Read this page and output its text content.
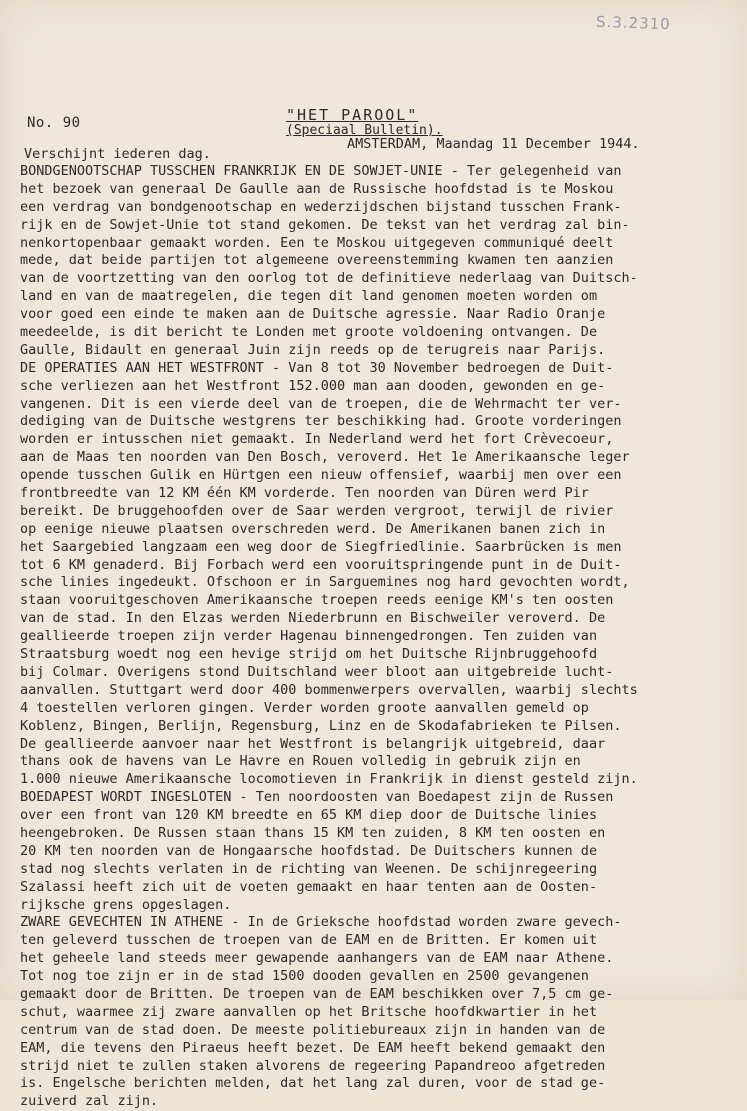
S.3.2310
No. 90	"HET PAROOL"
(Speciaal Bulletin).
Verschijnt iederen dag.
AMSTERDAM, Maandag 11 December 1944.
BONDGENOOTSCHAP TUSSCHEN FRANKRIJK EN DE SOWJET-UNIE - Ter gelegenheid van
het bezoek van generaal De Gaulle aan de Russische hoofdstad is te Moskou
een verdrag van bondgenootschap en wederzijdschen bijstand tusschen Frank-
rijk en de Sowjet-Unie tot stand gekomen. De tekst van het verdrag zal bin-
nenkortopenbaar gemaakt worden. Een te Moskou uitgegeven communiqué deelt
mede, dat beide partijen tot algemeene overeenstemming kwamen ten aanzien
van de voortzetting van den oorlog tot de definitieve nederlaag van Duitsch-
land en van de maatregelen, die tegen dit land genomen moeten worden om
voor goed een einde te maken aan de Duitsche agressie. Naar Radio Oranje
meedeelde, is dit bericht te Londen met groote voldoening ontvangen. De
Gaulle, Bidault en generaal Juin zijn reeds op de terugreis naar Parijs.
DE OPERATIES AAN HET WESTFRONT - Van 8 tot 30 November bedroegen de Duit-
sche verliezen aan het Westfront 152.000 man aan dooden, gewonden en ge-
vangenen. Dit is een vierde deel van de troepen, die de Wehrmacht ter ver-
dediging van de Duitsche westgrens ter beschikking had. Groote vorderingen
worden er intusschen niet gemaakt. In Nederland werd het fort Crèvecoeur,
aan de Maas ten noorden van Den Bosch, veroverd. Het 1e Amerikaansche leger
opende tusschen Gulik en Hürtgen een nieuw offensief, waarbij men over een
frontbreedte van 12 KM één KM vorderde. Ten noorden van Düren werd Pir
bereikt. De bruggehoofden over de Saar werden vergroot, terwijl de rivier
op eenige nieuwe plaatsen overschreden werd. De Amerikanen banen zich in
het Saargebied langzaam een weg door de Siegfriedlinie. Saarbrücken is men
tot 6 KM genaderd. Bij Forbach werd een vooruitspringende punt in de Duit-
sche linies ingedeukt. Ofschoon er in Sarguemines nog hard gevochten wordt,
staan vooruitgeschoven Amerikaansche troepen reeds eenige KM's ten oosten
van de stad. In den Elzas werden Niederbrunn en Bischweiler veroverd. De
geallieerde troepen zijn verder Hagenau binnengedrongen. Ten zuiden van
Straatsburg woedt nog een hevige strijd om het Duitsche Rijnbruggehoofd
bij Colmar. Overigens stond Duitschland weer bloot aan uitgebreide lucht-
aanvallen. Stuttgart werd door 400 bommenwerpers overvallen, waarbij slechts
4 toestellen verloren gingen. Verder worden groote aanvallen gemeld op
Koblenz, Bingen, Berlijn, Regensburg, Linz en de Skodafabrieken te Pilsen.
De geallieerde aanvoer naar het Westfront is belangrijk uitgebreid, daar
thans ook de havens van Le Havre en Rouen volledig in gebruik zijn en
1.000 nieuwe Amerikaansche locomotieven in Frankrijk in dienst gesteld zijn.
BOEDAPEST WORDT INGESLOTEN - Ten noordoosten van Boedapest zijn de Russen
over een front van 120 KM breedte en 65 KM diep door de Duitsche linies
heengebroken. De Russen staan thans 15 KM ten zuiden, 8 KM ten oosten en
20 KM ten noorden van de Hongaarsche hoofdstad. De Duitschers kunnen de
stad nog slechts verlaten in de richting van Weenen. De schijnregeering
Szalassi heeft zich uit de voeten gemaakt en haar tenten aan de Oosten-
rijksche grens opgeslagen.
ZWARE GEVECHTEN IN ATHENE - In de Grieksche hoofdstad worden zware gevech-
ten geleverd tusschen de troepen van de EAM en de Britten. Er komen uit
het geheele land steeds meer gewapende aanhangers van de EAM naar Athene.
Tot nog toe zijn er in de stad 1500 dooden gevallen en 2500 gevangenen
gemaakt door de Britten. De troepen van de EAM beschikken over 7,5 cm ge-
schut, waarmee zij zware aanvallen op het Britsche hoofdkwartier in het
centrum van de stad doen. De meeste politiebureaux zijn in handen van de
EAM, die tevens den Piraeus heeft bezet. De EAM heeft bekend gemaakt den
strijd niet te zullen staken alvorens de regeering Papandreoo afgetreden
is. Engelsche berichten melden, dat het lang zal duren, voor de stad ge-
zuiverd zal zijn.
